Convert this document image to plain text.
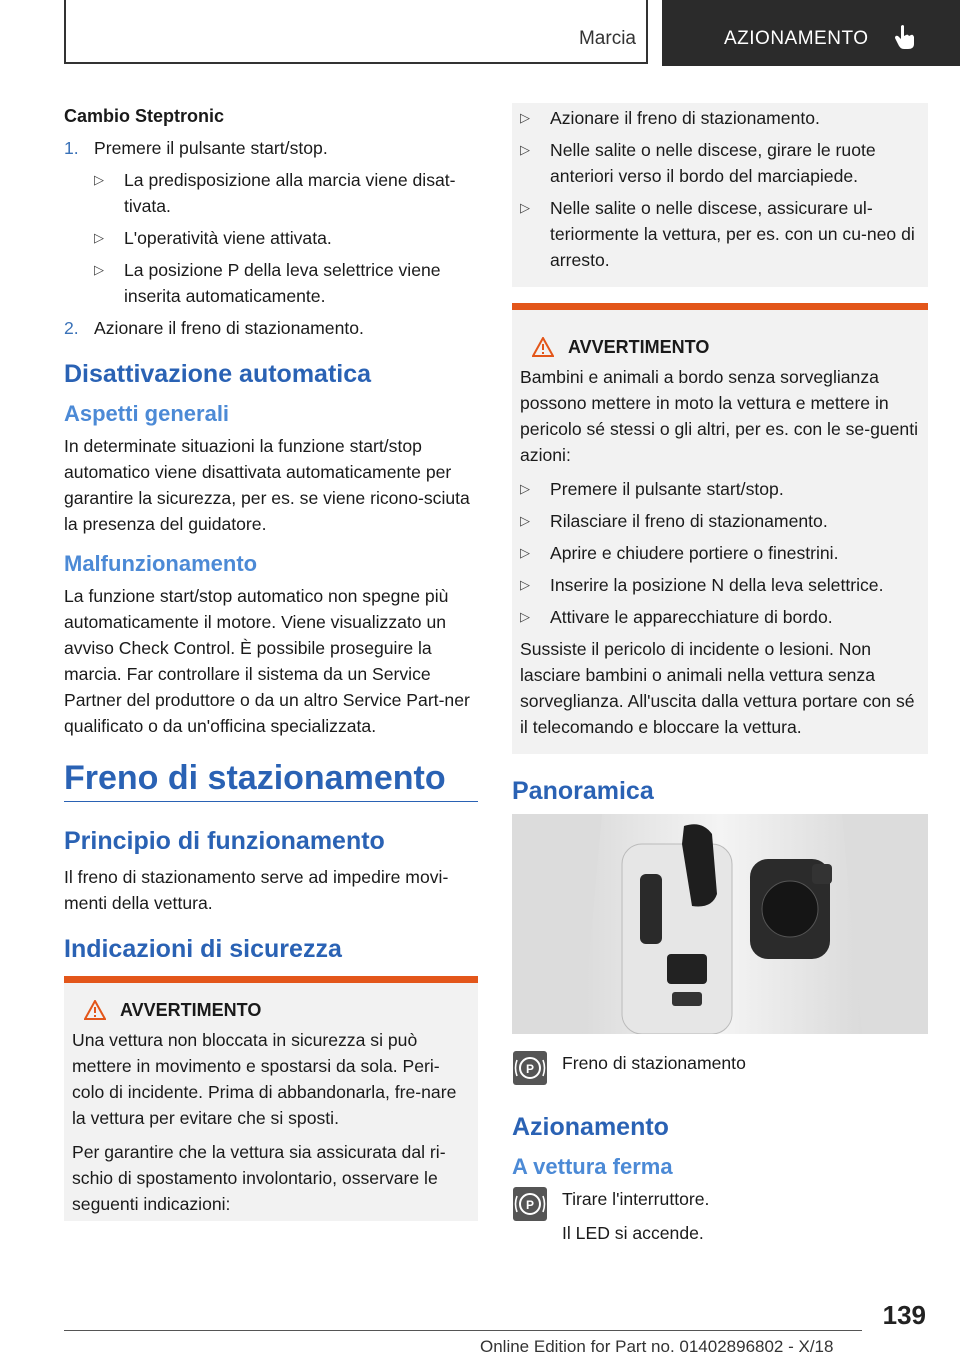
Marcia	AZIONAMENTO
Cambio Steptronic
1. Premere il pulsante start/stop.
▷	La predisposizione alla marcia viene disat-tivata.
▷	L'operatività viene attivata.
▷	La posizione P della leva selettrice viene inserita automaticamente.
2. Azionare il freno di stazionamento.
Disattivazione automatica
Aspetti generali
In determinate situazioni la funzione start/stop automatico viene disattivata automaticamente per garantire la sicurezza, per es. se viene ricono-sciuta la presenza del guidatore.
Malfunzionamento
La funzione start/stop automatico non spegne più automaticamente il motore. Viene visualizzato un avviso Check Control. È possibile proseguire la marcia. Far controllare il sistema da un Service Partner del produttore o da un altro Service Part-ner qualificato o da un'officina specializzata.
Freno di stazionamento
Principio di funzionamento
Il freno di stazionamento serve ad impedire movi-menti della vettura.
Indicazioni di sicurezza
AVVERTIMENTO
Una vettura non bloccata in sicurezza si può mettere in movimento e spostarsi da sola. Peri-colo di incidente. Prima di abbandonarla, fre-nare la vettura per evitare che si sposti.
Per garantire che la vettura sia assicurata dal ri-schio di spostamento involontario, osservare le seguenti indicazioni:
▷	Azionare il freno di stazionamento.
▷	Nelle salite o nelle discese, girare le ruote anteriori verso il bordo del marciapiede.
▷	Nelle salite o nelle discese, assicurare ul-teriormente la vettura, per es. con un cu-neo di arresto.
AVVERTIMENTO
Bambini e animali a bordo senza sorveglianza possono mettere in moto la vettura e mettere in pericolo sé stessi o gli altri, per es. con le se-guenti azioni:
▷	Premere il pulsante start/stop.
▷	Rilasciare il freno di stazionamento.
▷	Aprire e chiudere portiere o finestrini.
▷	Inserire la posizione N della leva selettrice.
▷	Attivare le apparecchiature di bordo.
Sussiste il pericolo di incidente o lesioni. Non lasciare bambini o animali nella vettura senza sorveglianza. All'uscita dalla vettura portare con sé il telecomando e bloccare la vettura.
Panoramica
P Freno di stazionamento
Azionamento
A vettura ferma
P Tirare l'interruttore.
Il LED si accende.
139
Online Edition for Part no. 01402896802 - X/18
